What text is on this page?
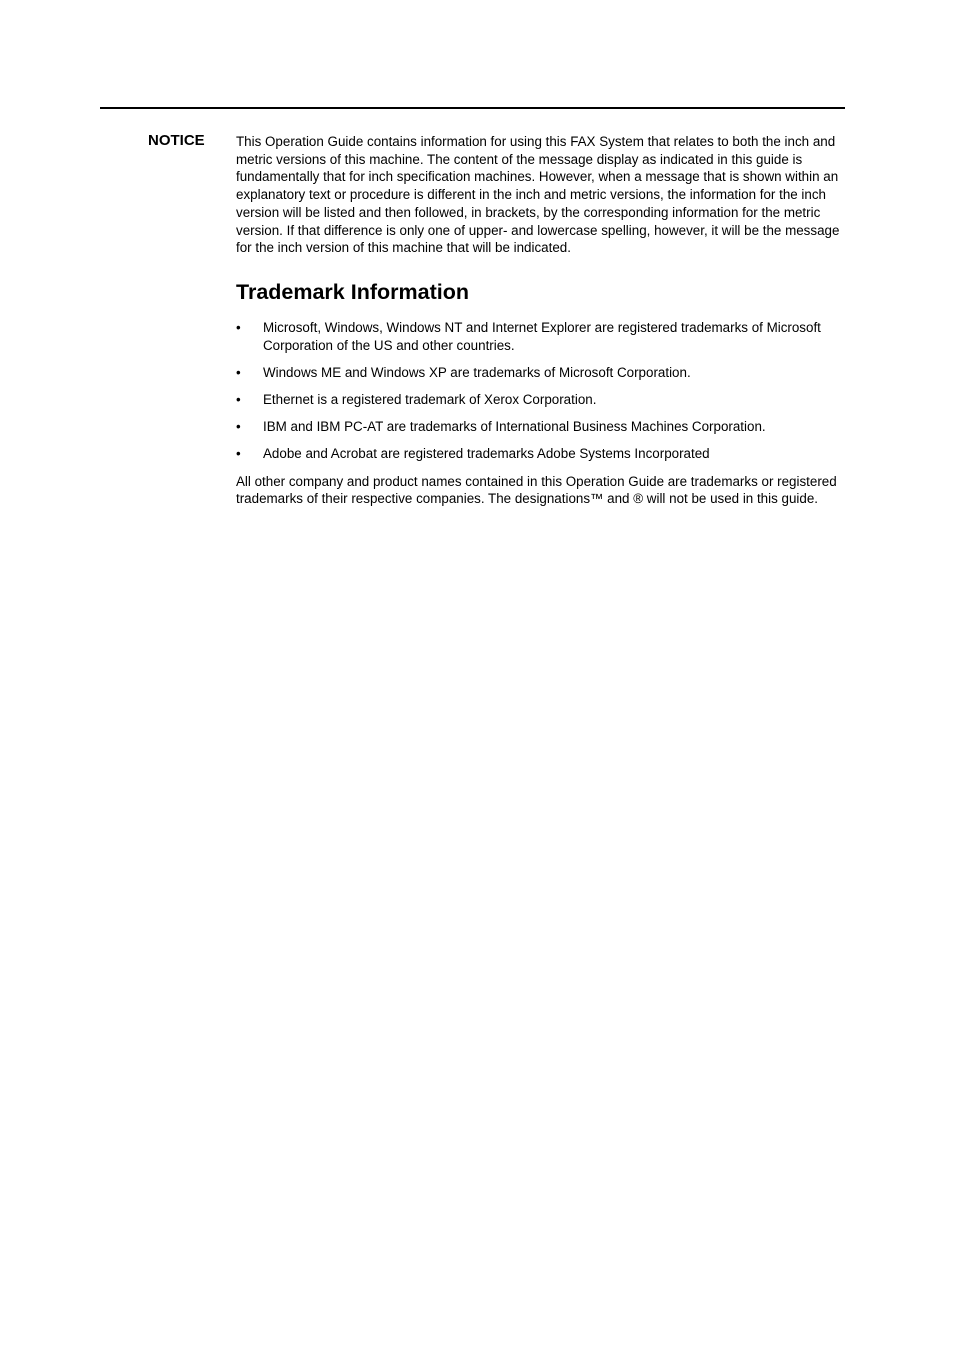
NOTICE This Operation Guide contains information for using this FAX System that relates to both the inch and metric versions of this machine. The content of the message display as indicated in this guide is fundamentally that for inch specification machines. However, when a message that is shown within an explanatory text or procedure is different in the inch and metric versions, the information for the inch version will be listed and then followed, in brackets, by the corresponding information for the metric version. If that difference is only one of upper- and lowercase spelling, however, it will be the message for the inch version of this machine that will be indicated.

Trademark Information
• Microsoft, Windows, Windows NT and Internet Explorer are registered trademarks of Microsoft Corporation of the US and other countries.
• Windows ME and Windows XP are trademarks of Microsoft Corporation.
• Ethernet is a registered trademark of Xerox Corporation.
• IBM and IBM PC-AT are trademarks of International Business Machines Corporation.
• Adobe and Acrobat are registered trademarks Adobe Systems Incorporated

All other company and product names contained in this Operation Guide are trademarks or registered trademarks of their respective companies. The designations™ and ® will not be used in this guide.
